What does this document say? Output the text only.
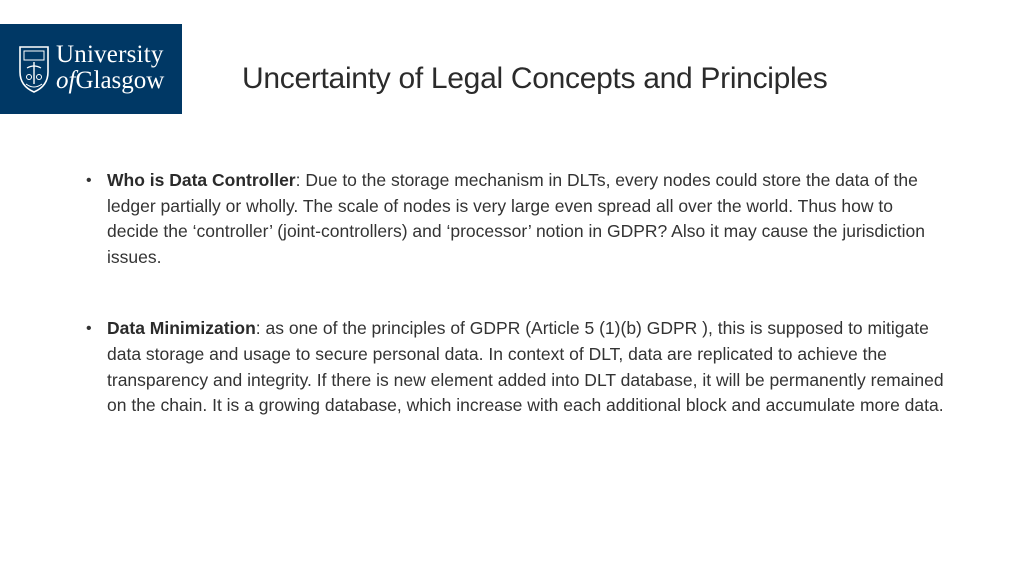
University
ofGlasgow	Uncertainty of Legal Concepts and Principles
• Who is Data Controller: Due to the storage mechanism in DLTs, every nodes could store the data of the ledger partially or wholly. The scale of nodes is very large even spread all over the world. Thus how to decide the ‘controller’ (joint-controllers) and ‘processor’ notion in GDPR? Also it may cause the jurisdiction issues.
• Data Minimization: as one of the principles of GDPR (Article 5 (1)(b) GDPR ), this is supposed to mitigate data storage and usage to secure personal data. In context of DLT, data are replicated to achieve the transparency and integrity. If there is new element added into DLT database, it will be permanently remained on the chain. It is a growing database, which increase with each additional block and accumulate more data.
